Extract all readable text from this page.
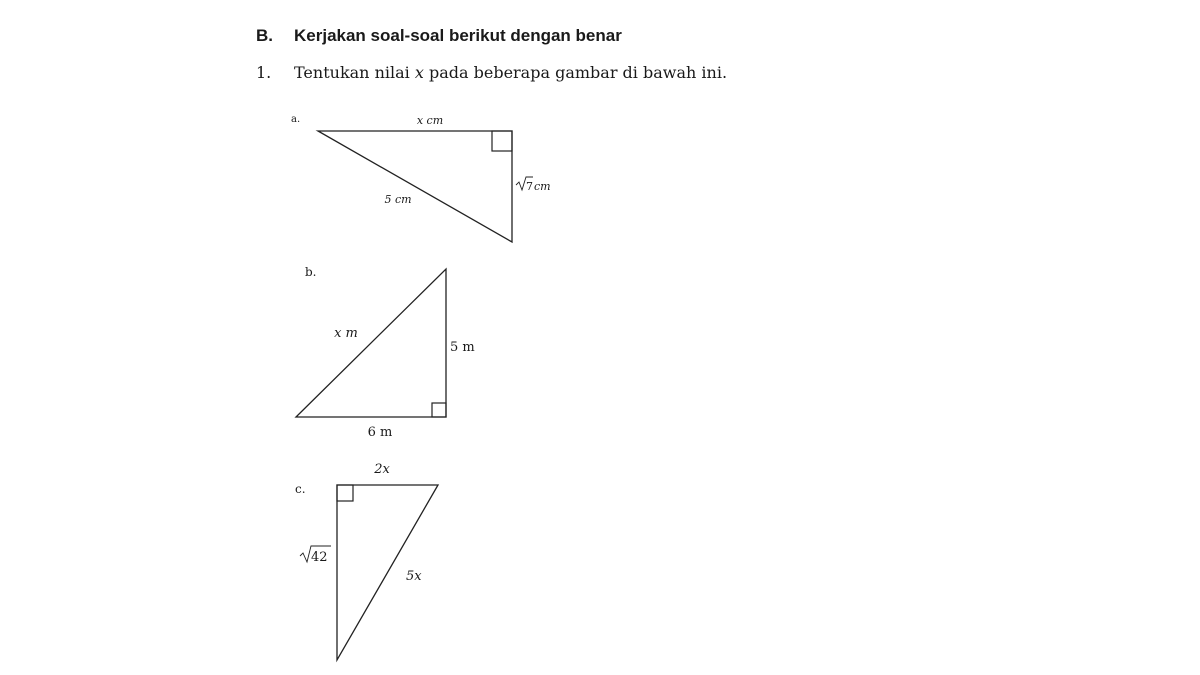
B. Kerjakan soal-soal berikut dengan benar
1. Tentukan nilai x pada beberapa gambar di bawah ini.
a.	x cm
5 cm
7 cm
b.
x m
5 m
6 m
c.
2x
5x
42
